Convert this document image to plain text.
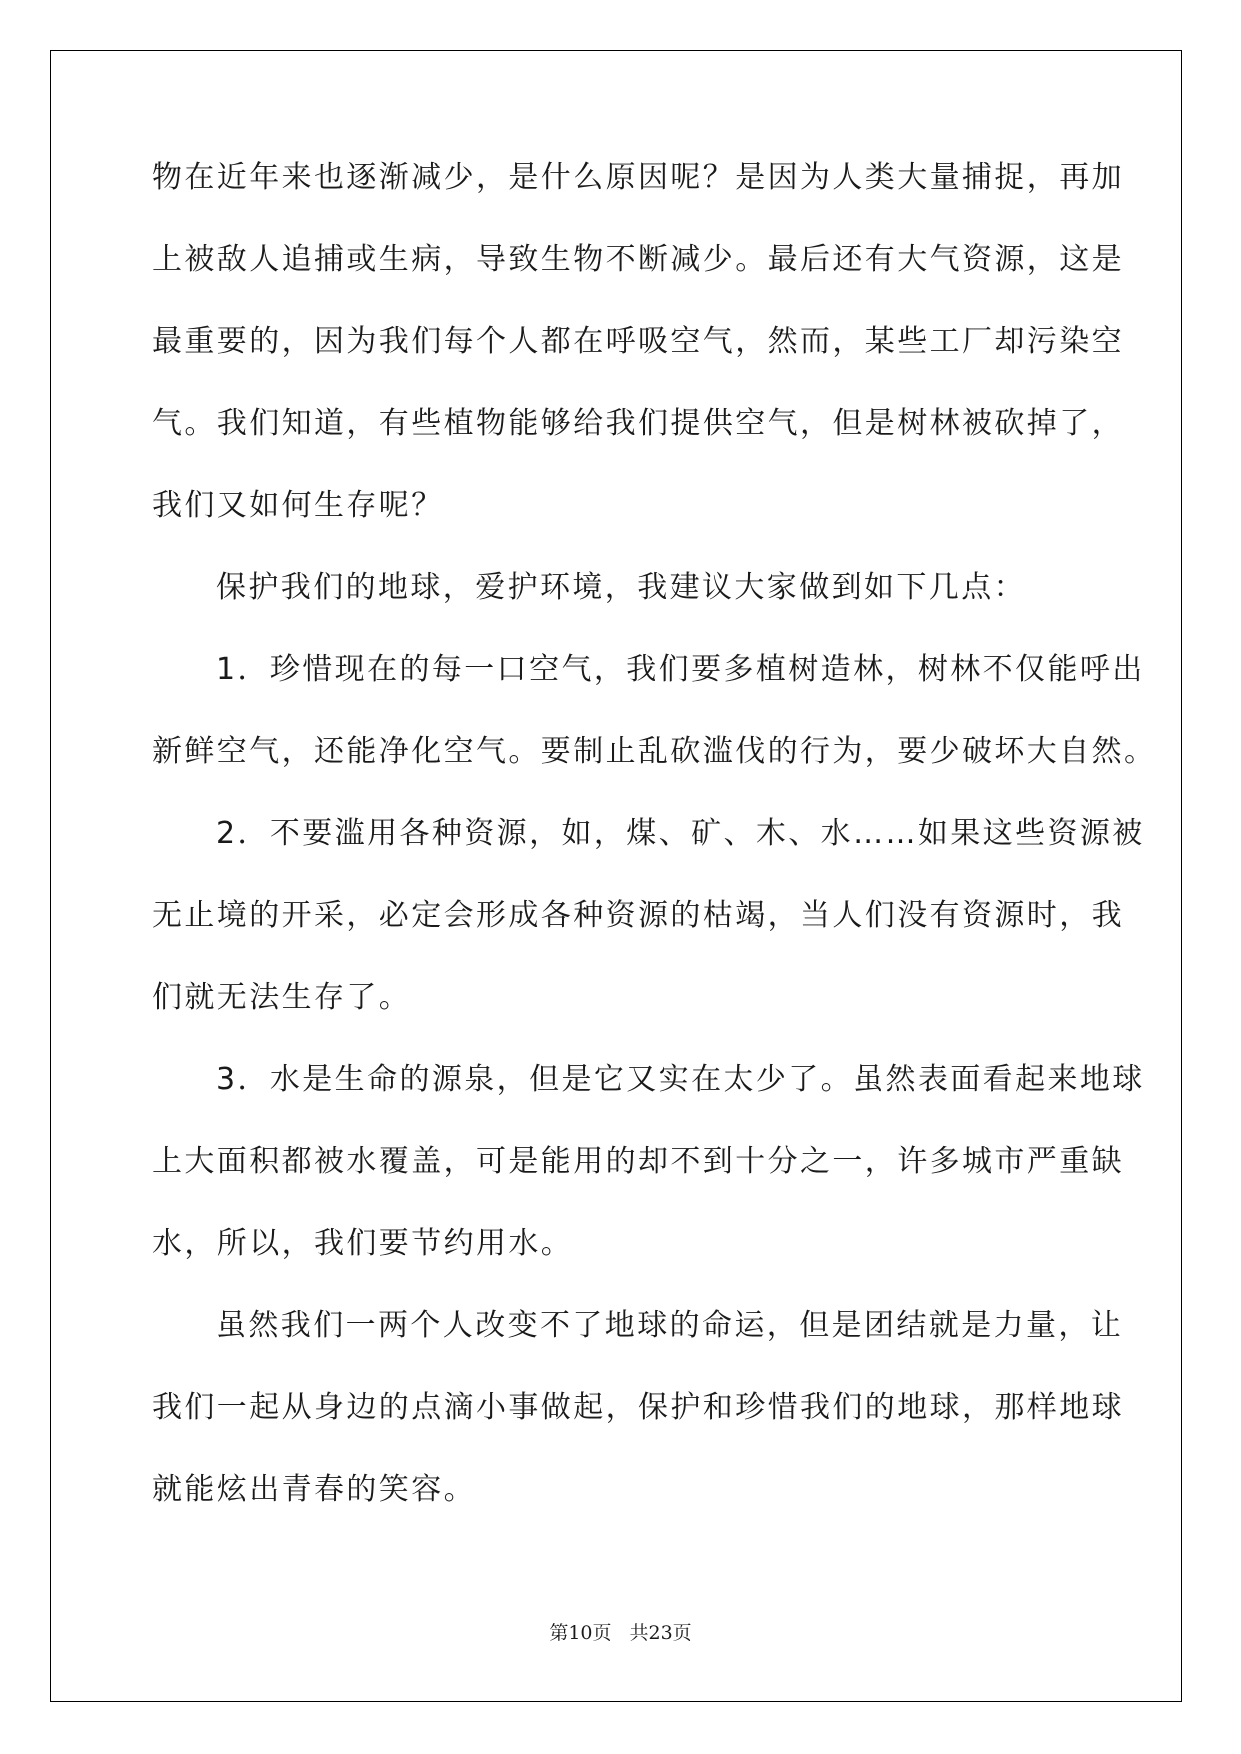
物在近年来也逐渐减少，是什么原因呢？是因为人类大量捕捉，再加
上被敌人追捕或生病，导致生物不断减少。最后还有大气资源，这是
最重要的，因为我们每个人都在呼吸空气，然而，某些工厂却污染空
气。我们知道，有些植物能够给我们提供空气，但是树林被砍掉了，
我们又如何生存呢？
保护我们的地球，爱护环境，我建议大家做到如下几点：
1．珍惜现在的每一口空气，我们要多植树造林，树林不仅能呼出
新鲜空气，还能净化空气。要制止乱砍滥伐的行为，要少破坏大自然。
2．不要滥用各种资源，如，煤、矿、木、水……如果这些资源被
无止境的开采，必定会形成各种资源的枯竭，当人们没有资源时，我
们就无法生存了。
3．水是生命的源泉，但是它又实在太少了。虽然表面看起来地球
上大面积都被水覆盖，可是能用的却不到十分之一，许多城市严重缺
水，所以，我们要节约用水。
虽然我们一两个人改变不了地球的命运，但是团结就是力量，让
我们一起从身边的点滴小事做起，保护和珍惜我们的地球，那样地球
就能炫出青春的笑容。
第10页 共23页
